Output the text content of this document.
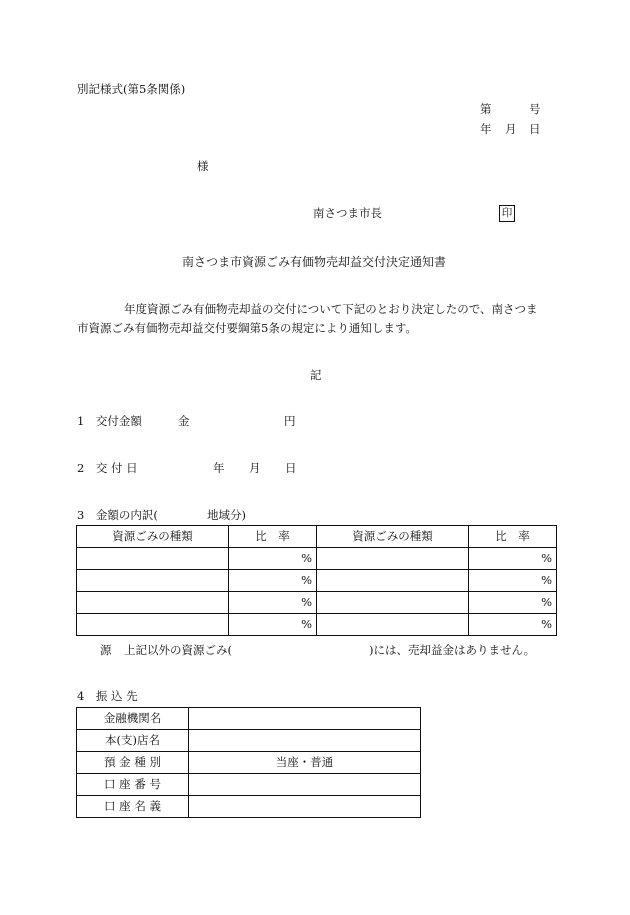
別記様式(第5条関係)
第	号
年 月 日
様
南さつま市長	印
南さつま市資源ごみ有価物売却益交付決定通知書
年度資源ごみ有価物売却益の交付について下記のとおり決定したので、南さつま
市資源ごみ有価物売却益交付要綱第5条の規定により通知します。
記
1　交付金額	金	円
2　交 付 日	年 月 日
3　金額の内訳(	地域分)
資源ごみの種類	比　率	資源ごみの種類	比　率
	%		%
	%		%
	%		%
	%		%
源 上記以外の資源ごみ(	)には、売却益金はありません。
4　振 込 先
金融機関名	
本(支)店名	
預 金 種 別	当座・普通
口 座 番 号	
口 座 名 義	
